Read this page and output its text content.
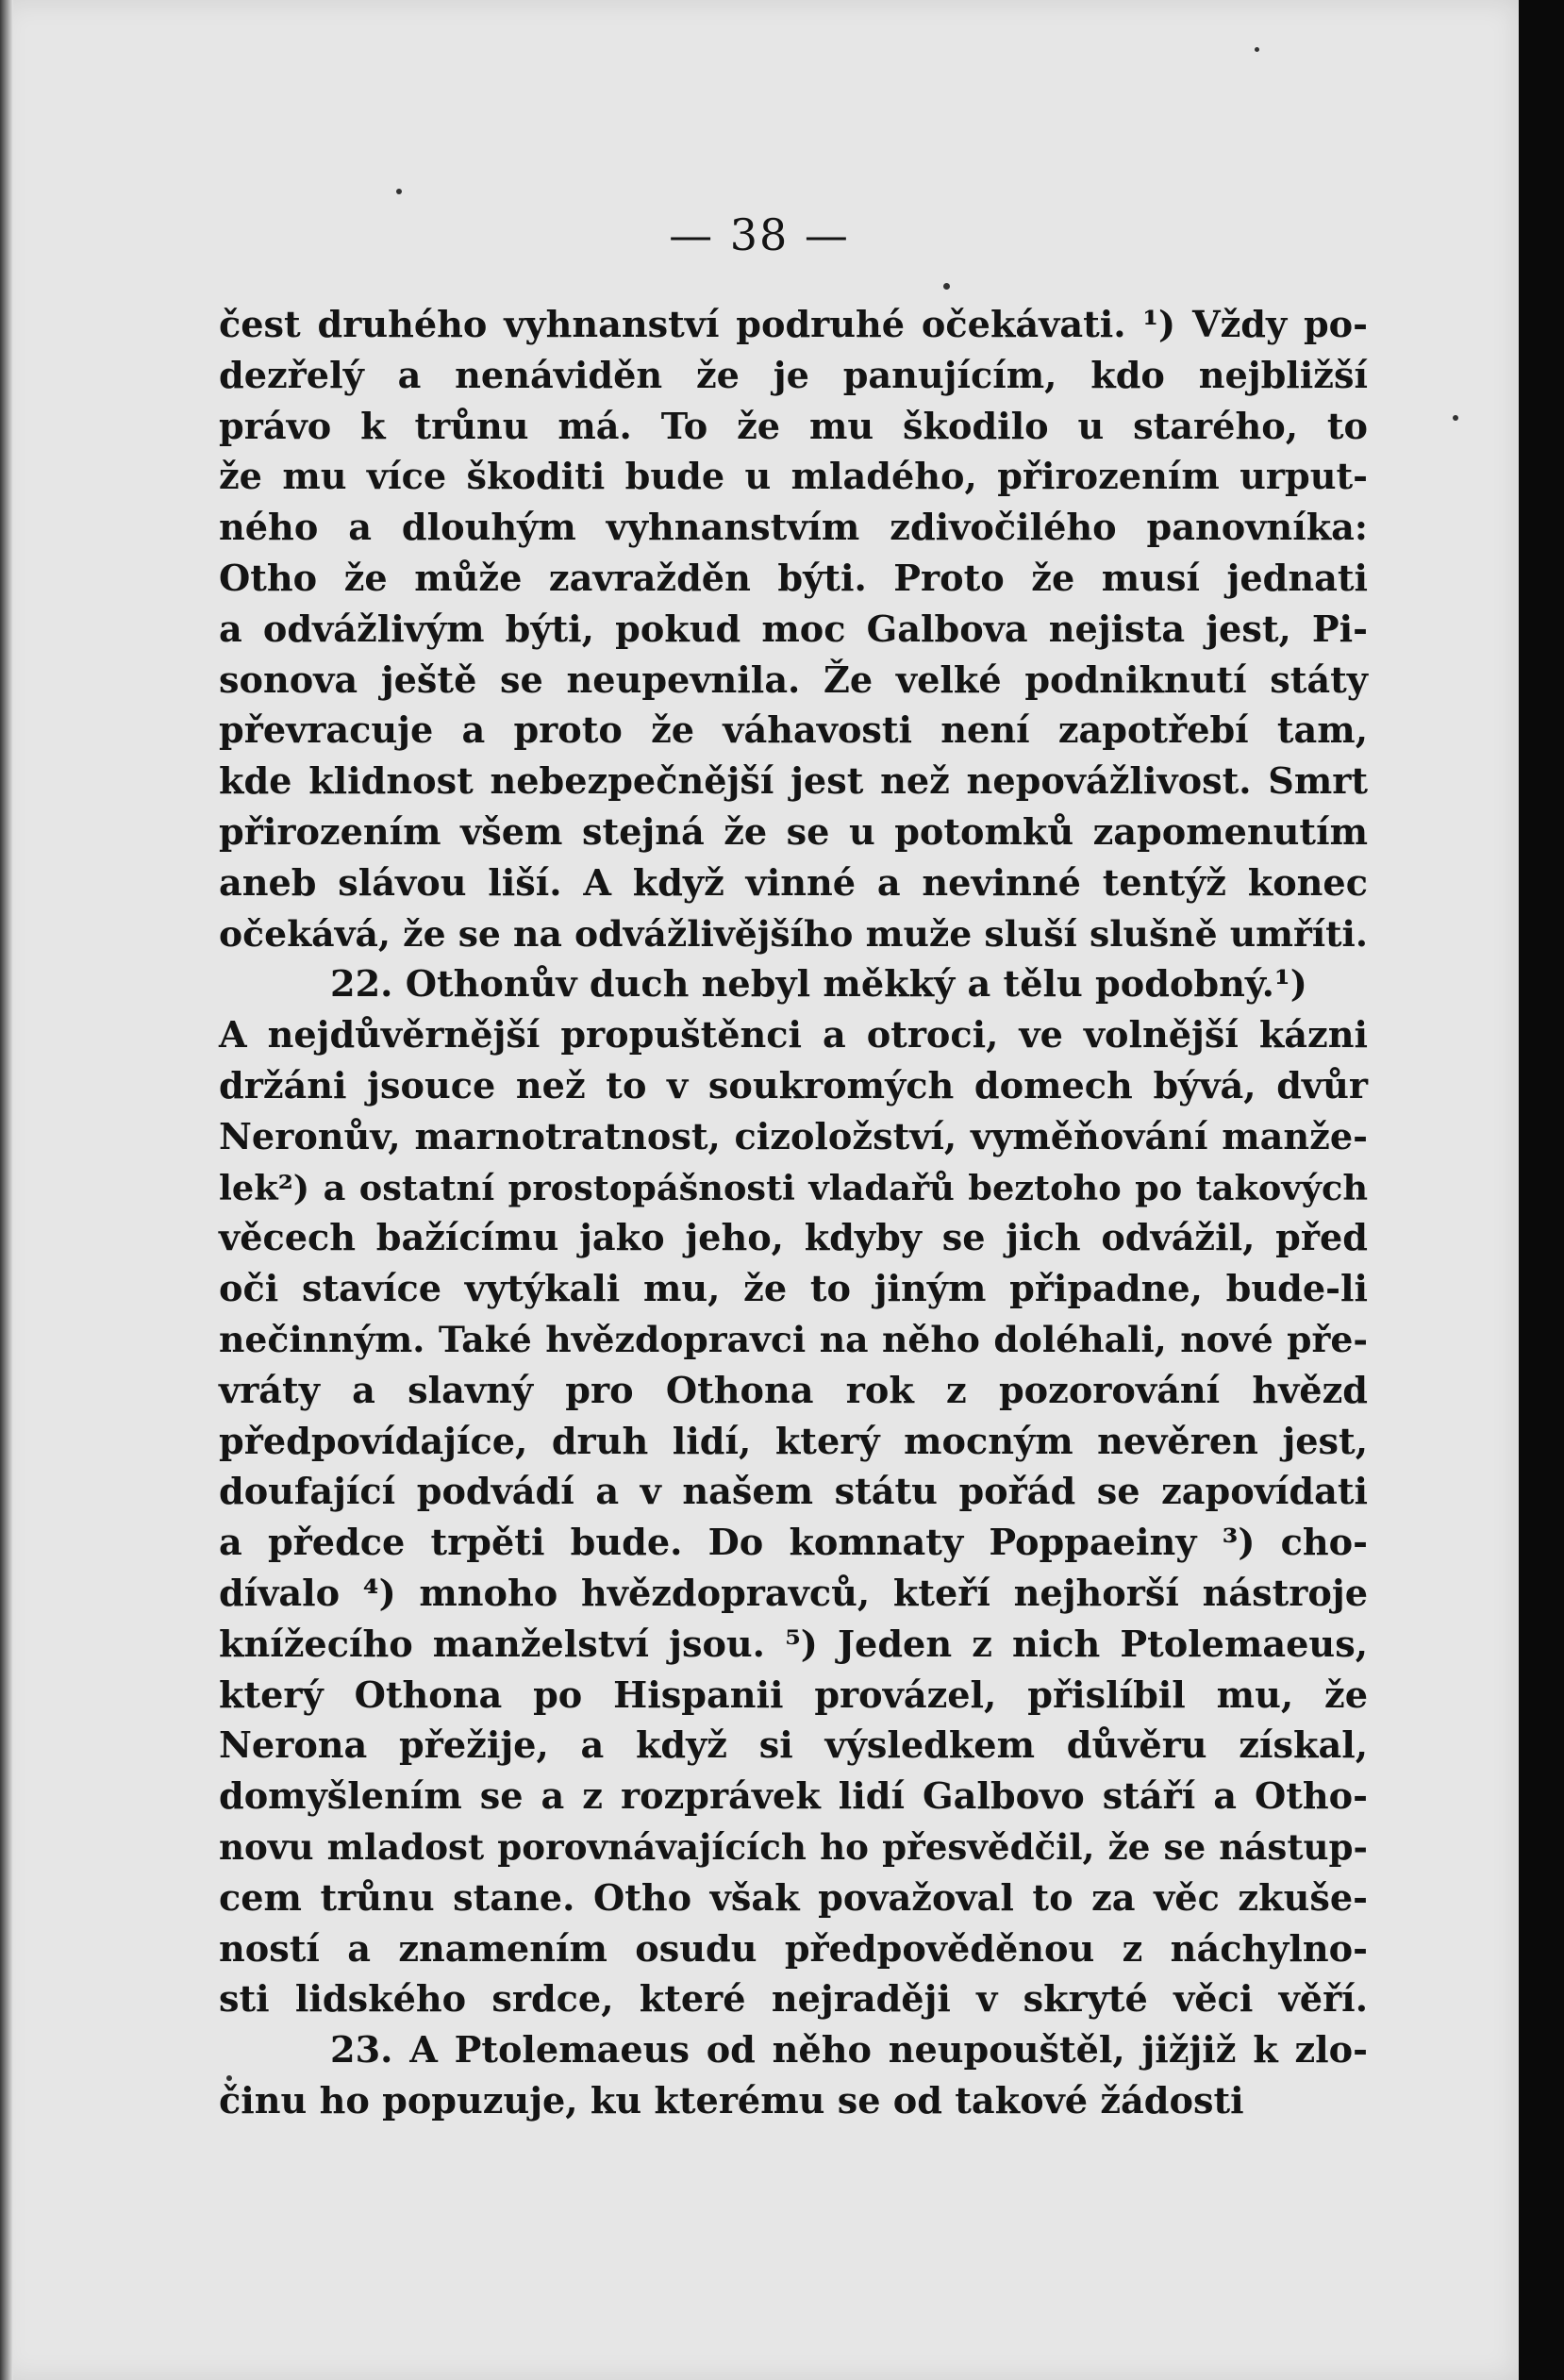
— 38 —
čest druhého vyhnanství podruhé očekávati. ¹) Vždy po-
dezřelý a nenáviděn že je panujícím, kdo nejbližší
právo k trůnu má. To že mu škodilo u starého, to
že mu více škoditi bude u mladého, přirozením urput-
ného a dlouhým vyhnanstvím zdivočilého panovníka:
Otho že může zavražděn býti. Proto že musí jednati
a odvážlivým býti, pokud moc Galbova nejista jest, Pi-
sonova ještě se neupevnila. Že velké podniknutí státy
převracuje a proto že váhavosti není zapotřebí tam,
kde klidnost nebezpečnější jest než nepovážlivost. Smrt
přirozením všem stejná že se u potomků zapomenutím
aneb slávou liší. A když vinné a nevinné tentýž konec
očekává, že se na odvážlivějšího muže sluší slušně umříti.
22. Othonův duch nebyl měkký a tělu podobný.¹)
A nejdůvěrnější propuštěnci a otroci, ve volnější kázni
držáni jsouce než to v soukromých domech bývá, dvůr
Neronův, marnotratnost, cizoložství, vyměňování manže-
lek²) a ostatní prostopášnosti vladařů beztoho po takových
věcech bažícímu jako jeho, kdyby se jich odvážil, před
oči stavíce vytýkali mu, že to jiným připadne, bude-li
nečinným. Také hvězdopravci na něho doléhali, nové pře-
vráty a slavný pro Othona rok z pozorování hvězd
předpovídajíce, druh lidí, který mocným nevěren jest,
doufající podvádí a v našem státu pořád se zapovídati
a předce trpěti bude. Do komnaty Poppaeiny ³) cho-
dívalo ⁴) mnoho hvězdopravců, kteří nejhorší nástroje
knížecího manželství jsou. ⁵) Jeden z nich Ptolemaeus,
který Othona po Hispanii provázel, přislíbil mu, že
Nerona přežije, a když si výsledkem důvěru získal,
domyšlením se a z rozprávek lidí Galbovo stáří a Otho-
novu mladost porovnávajících ho přesvědčil, že se nástup-
cem trůnu stane. Otho však považoval to za věc zkuše-
ností a znamením osudu předpověděnou z náchylno-
sti lidského srdce, které nejraději v skryté věci věří.
23. A Ptolemaeus od něho neupouštěl, jižjiž k zlo-
činu ho popuzuje, ku kterému se od takové žádosti
